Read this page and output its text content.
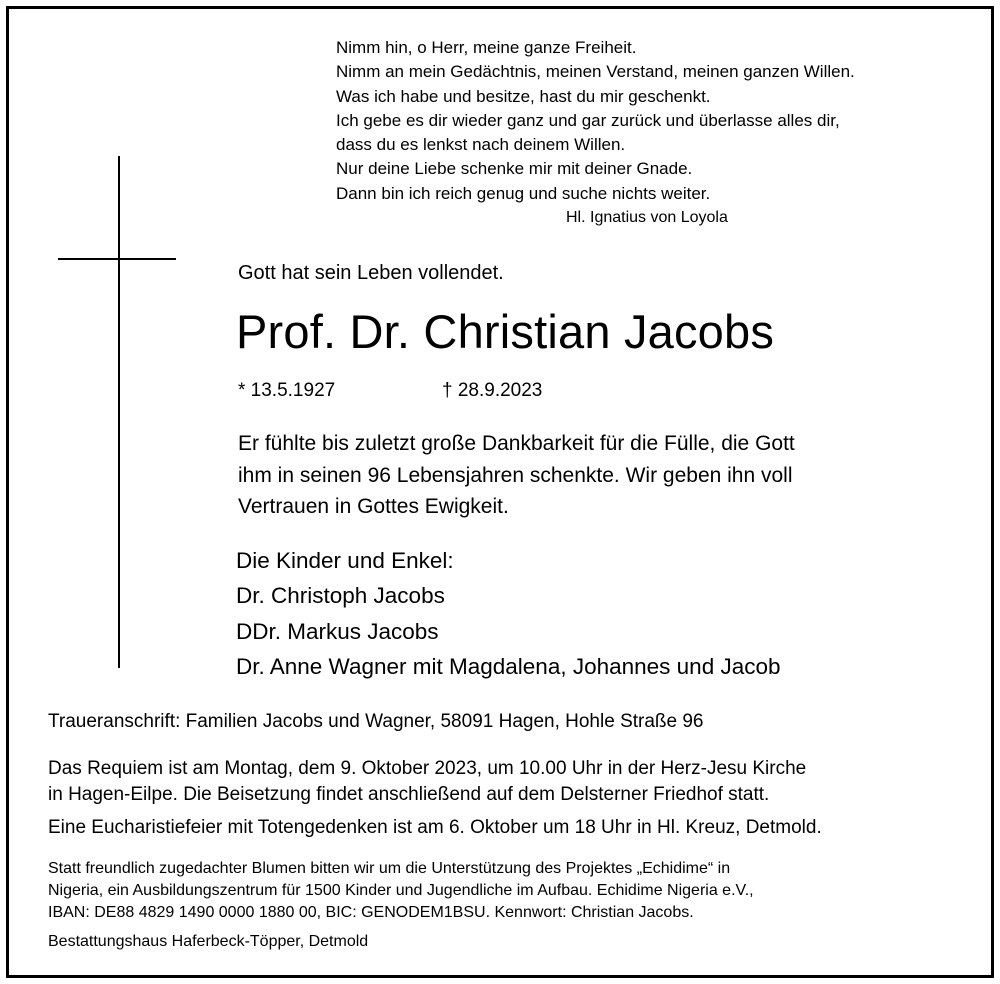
Nimm hin, o Herr, meine ganze Freiheit.
Nimm an mein Gedächtnis, meinen Verstand, meinen ganzen Willen.
Was ich habe und besitze, hast du mir geschenkt.
Ich gebe es dir wieder ganz und gar zurück und überlasse alles dir,
dass du es lenkst nach deinem Willen.
Nur deine Liebe schenke mir mit deiner Gnade.
Dann bin ich reich genug und suche nichts weiter.
Hl. Ignatius von Loyola
Gott hat sein Leben vollendet.
Prof. Dr. Christian Jacobs
* 13.5.1927	† 28.9.2023
Er fühlte bis zuletzt große Dankbarkeit für die Fülle, die Gott
ihm in seinen 96 Lebensjahren schenkte. Wir geben ihn voll
Vertrauen in Gottes Ewigkeit.
Die Kinder und Enkel:
Dr. Christoph Jacobs
DDr. Markus Jacobs
Dr. Anne Wagner mit Magdalena, Johannes und Jacob
Traueranschrift: Familien Jacobs und Wagner, 58091 Hagen, Hohle Straße 96
Das Requiem ist am Montag, dem 9. Oktober 2023, um 10.00 Uhr in der Herz-Jesu Kirche
in Hagen-Eilpe. Die Beisetzung findet anschließend auf dem Delsterner Friedhof statt.
Eine Eucharistiefeier mit Totengedenken ist am 6. Oktober um 18 Uhr in Hl. Kreuz, Detmold.
Statt freundlich zugedachter Blumen bitten wir um die Unterstützung des Projektes „Echidime“ in
Nigeria, ein Ausbildungszentrum für 1500 Kinder und Jugendliche im Aufbau. Echidime Nigeria e.V.,
IBAN: DE88 4829 1490 0000 1880 00, BIC: GENODEM1BSU. Kennwort: Christian Jacobs.
Bestattungshaus Haferbeck-Töpper, Detmold
